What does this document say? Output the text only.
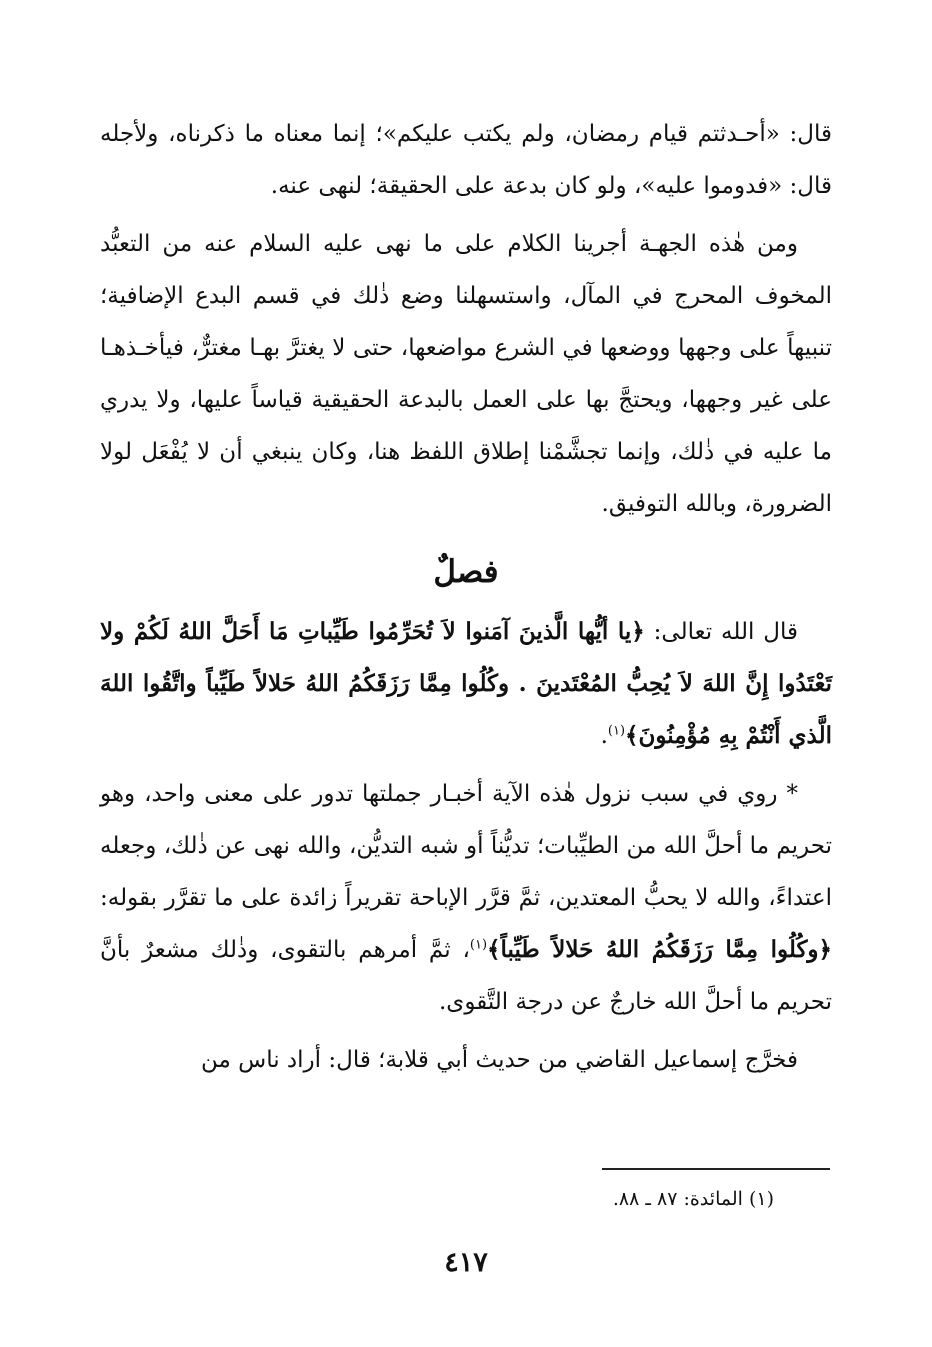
قال: «أحـدثتم قيام رمضان، ولم يكتب عليكم»؛ إنما معناه ما ذكرناه، ولأجله قال: «فدوموا عليه»، ولو كان بدعة على الحقيقة؛ لنهى عنه.

ومن هٰذه الجهـة أجرينا الكلام على ما نهى عليه السلام عنه من التعبُّد المخوف المحرج في المآل، واستسهلنا وضع ذٰلك في قسم البدع الإضافية؛ تنبيهاً على وجهها ووضعها في الشرع مواضعها، حتى لا يغترَّ بهـا مغترٌّ، فيأخـذهـا على غير وجهها، ويحتجَّ بها على العمل بالبدعة الحقيقية قياساً عليها، ولا يدري ما عليه في ذٰلك، وإنما تجشَّمْنا إطلاق اللفظ هنا، وكان ينبغي أن لا يُفْعَل لولا الضرورة، وبالله التوفيق.

فصلٌ

قال الله تعالى: ﴿يا أيُّها الَّذينَ آمَنوا لاَ تُحَرِّمُوا طَيِّباتِ مَا أَحَلَّ اللهُ لَكُمْ ولا تَعْتَدُوا إِنَّ اللهَ لاَ يُحِبُّ المُعْتَدينَ . وكُلُوا مِمَّا رَزَقَكُمُ اللهُ حَلالاً طَيِّباً واتَّقُوا اللهَ الَّذي أَنْتُمْ بِهِ مُؤْمِنُونَ﴾$^{(١)}$.

* روي في سبب نزول هٰذه الآية أخبـار جملتها تدور على معنى واحد، وهو تحريم ما أحلَّ الله من الطيِّبات؛ تديُّناً أو شبه التديُّن، والله نهى عن ذٰلك، وجعله اعتداءً، والله لا يحبُّ المعتدين، ثمَّ قرَّر الإباحة تقريراً زائدة على ما تقرَّر بقوله: ﴿وكُلُوا مِمَّا رَزَقَكُمُ اللهُ حَلالاً طَيِّباً﴾$^{(١)}$، ثمَّ أمرهم بالتقوى، وذٰلك مشعرٌ بأنَّ تحريم ما أحلَّ الله خارجٌ عن درجة التَّقوى.

فخرَّج إسماعيل القاضي من حديث أبي قلابة؛ قال: أراد ناس من

(١) المائدة: ٨٧ ـ ٨٨.
٤١٧
